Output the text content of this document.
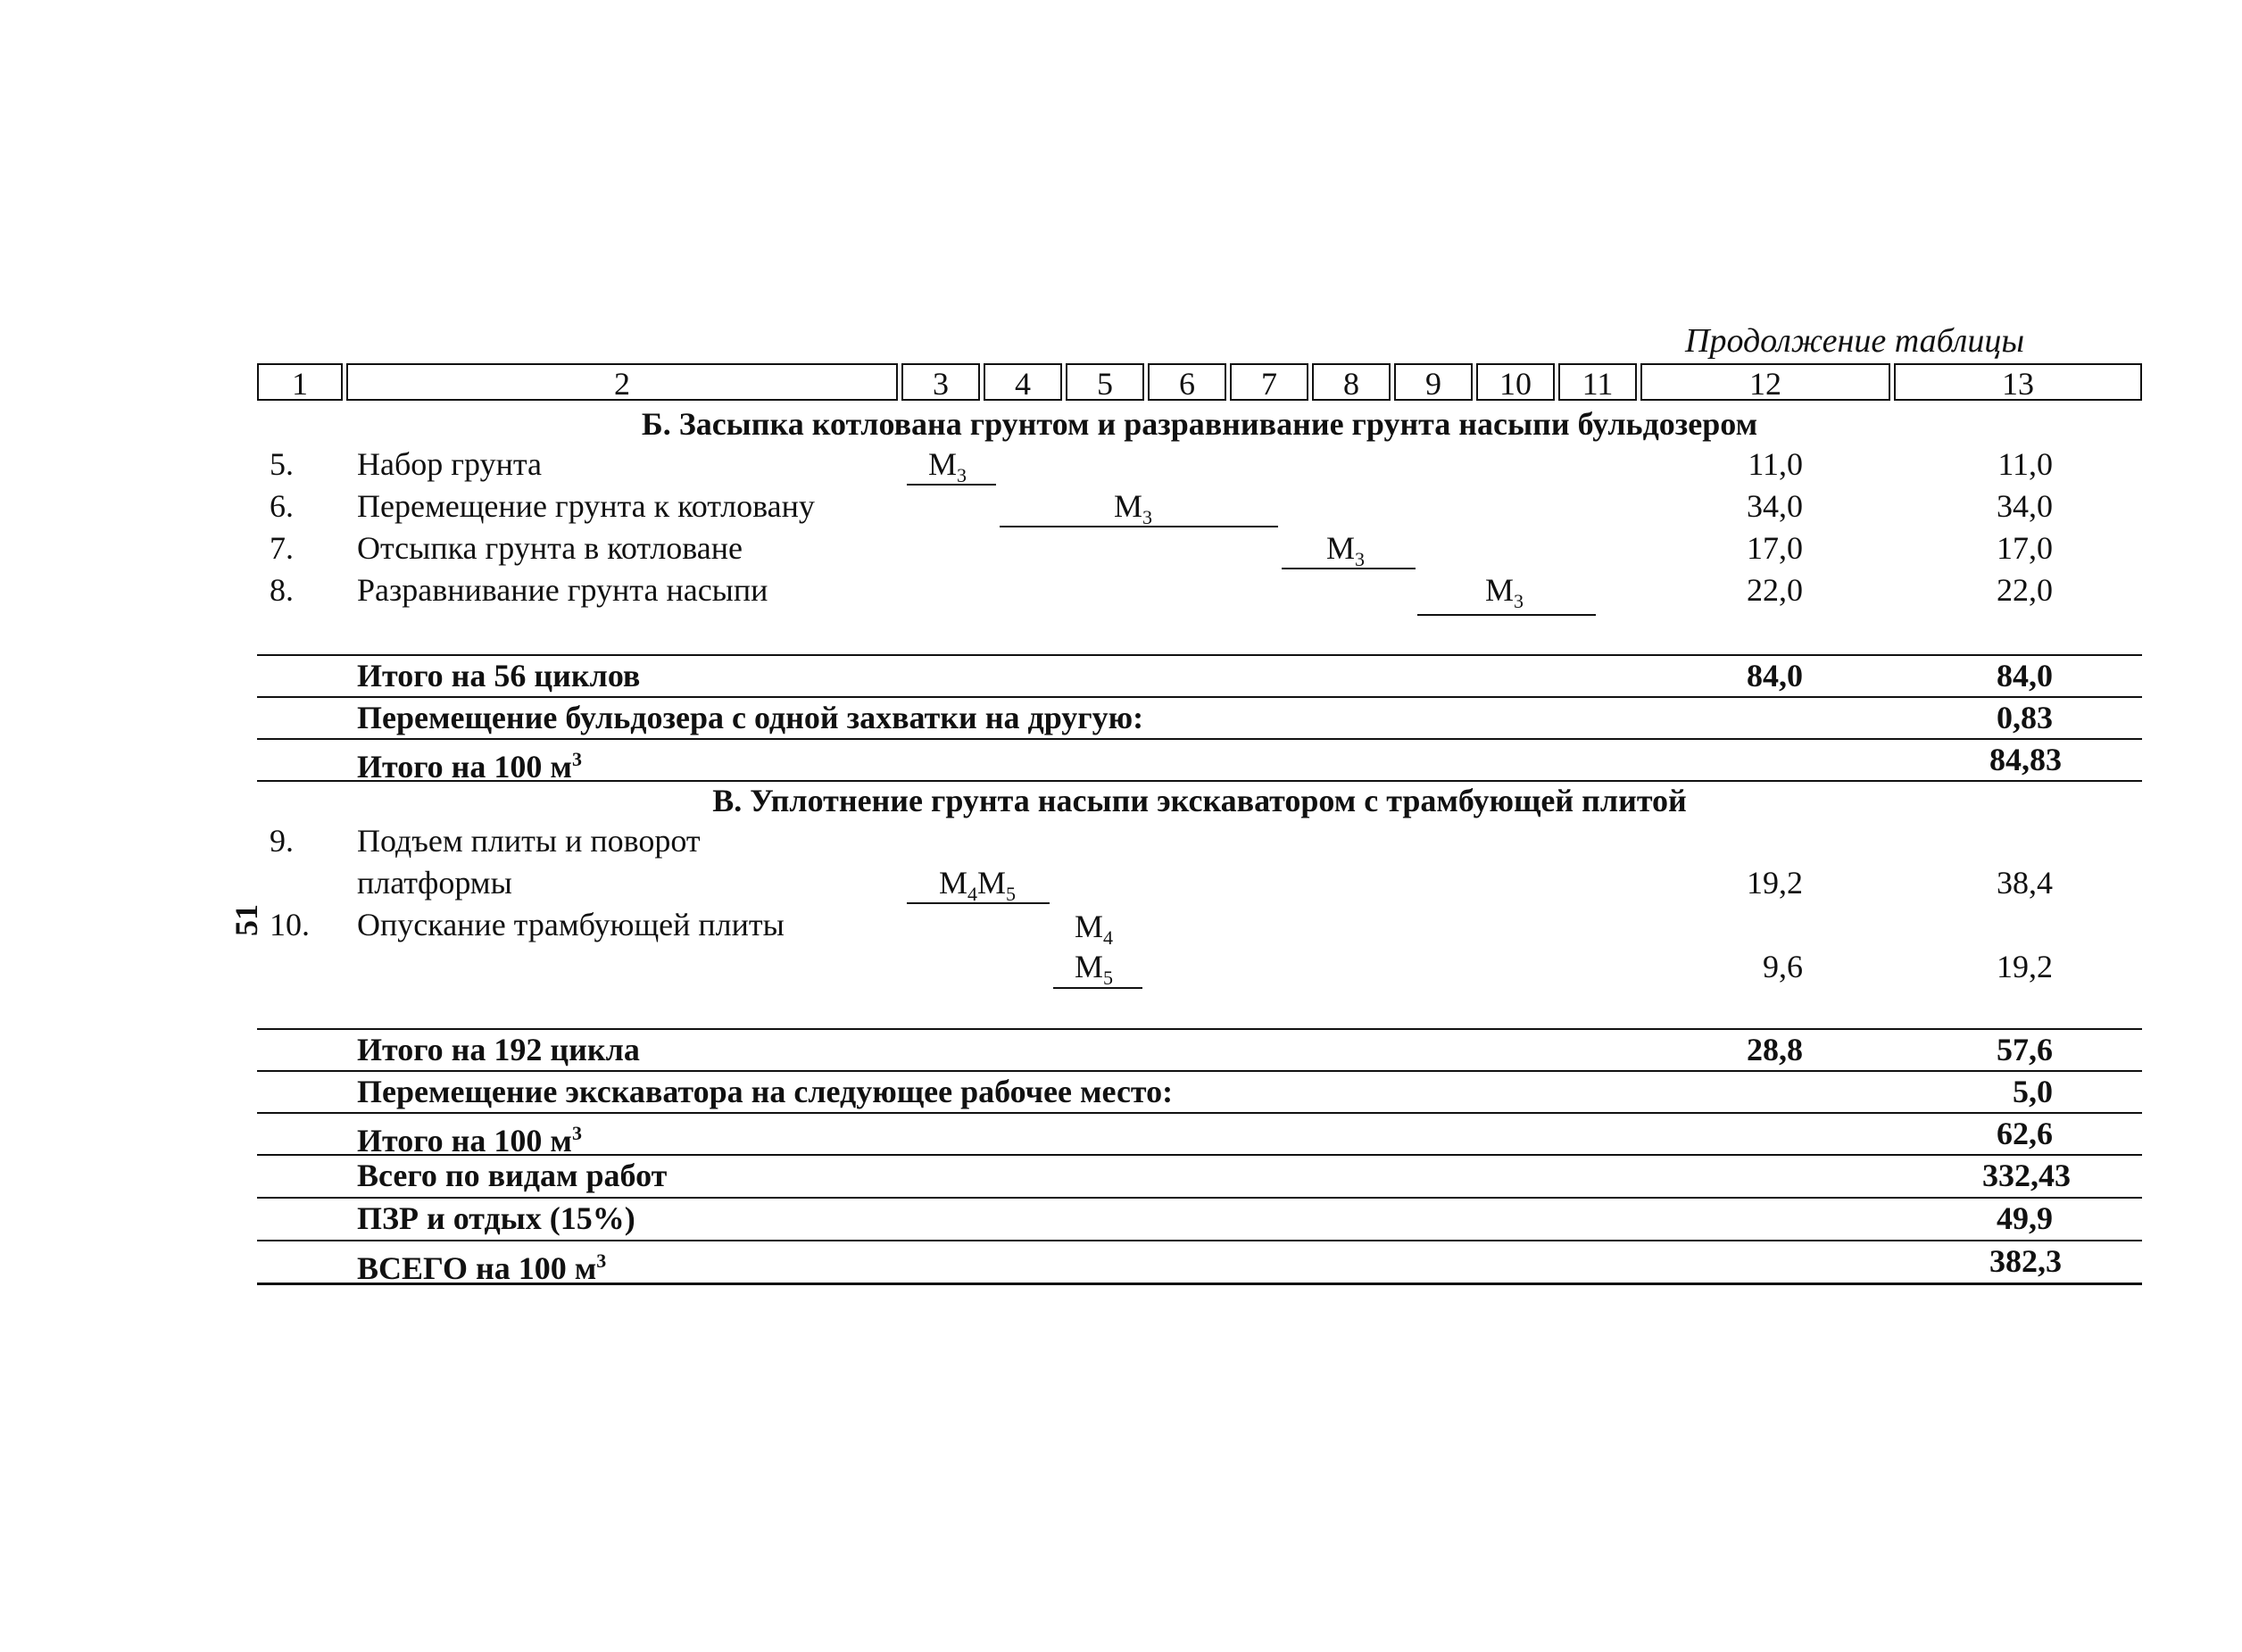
Продолжение таблицы
1	2	3	4	5	6	7	8	9	10	11	12	13
Б. Засыпка котлована грунтом и разравнивание грунта насыпи бульдозером
5. Набор грунта	$М_3$	11,0	11,0
6. Перемещение грунта к котловану	$М_3$	34,0	34,0
7. Отсыпка грунта в котловане	$М_3$	17,0	17,0
8. Разравнивание грунта насыпи	$М_3$	22,0	22,0
Итого на 56 циклов	84,0	84,0
Перемещение бульдозера с одной захватки на другую:	0,83
Итого на 100 $м^3$	84,83
В. Уплотнение грунта насыпи экскаватором с трамбующей плитой
9. Подъем плиты и поворот
платформы	$М_4М_5$	19,2	38,4
10. Опускание трамбующей плиты	$М_4$
$М_5$	9,6	19,2
51
Итого на 192 цикла	28,8	57,6
Перемещение экскаватора на следующее рабочее место:	5,0
Итого на 100 $м^3$	62,6
Всего по видам работ	332,43
ПЗР и отдых (15%)	49,9
ВСЕГО на 100 $м^3$	382,3
